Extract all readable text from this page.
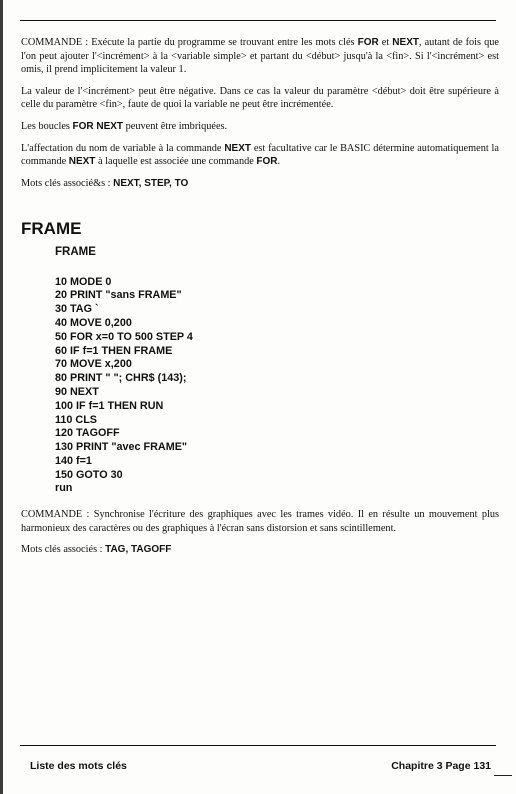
COMMANDE : Exécute la partie du programme se trouvant entre les mots clés FOR et NEXT, autant de fois que l'on peut ajouter l'<incrément> à la <variable simple> et partant du <début> jusqu'à la <fin>. Si l'<incrément> est omis, il prend implicitement la valeur 1.

La valeur de l'<incrément> peut être négative. Dans ce cas la valeur du paramètre <début> doit être supérieure à celle du paramètre <fin>, faute de quoi la variable ne peut être incrémentée.

Les boucles FOR NEXT peuvent être imbriquées.

L'affectation du nom de variable à la commande NEXT est facultative car le BASIC détermine automatiquement la commande NEXT à laquelle est associée une commande FOR.

Mots clés associé&s : NEXT, STEP, TO
FRAME
FRAME
10 MODE 0
20 PRINT "sans FRAME"
30 TAG `
40 MOVE 0,200
50 FOR x=0 TO 500 STEP 4
60 IF f=1 THEN FRAME
70 MOVE x,200
80 PRINT " "; CHR$ (143);
90 NEXT
100 IF f=1 THEN RUN
110 CLS
120 TAGOFF
130 PRINT "avec FRAME"
140 f=1
150 GOTO 30
run

COMMANDE : Synchronise l'écriture des graphiques avec les trames vidéo. Il en résulte un mouvement plus harmonieux des caractères ou des graphiques à l'écran sans distorsion et sans scintillement.

Mots clés associés : TAG, TAGOFF
Liste des mots clés	Chapitre 3 Page 131
